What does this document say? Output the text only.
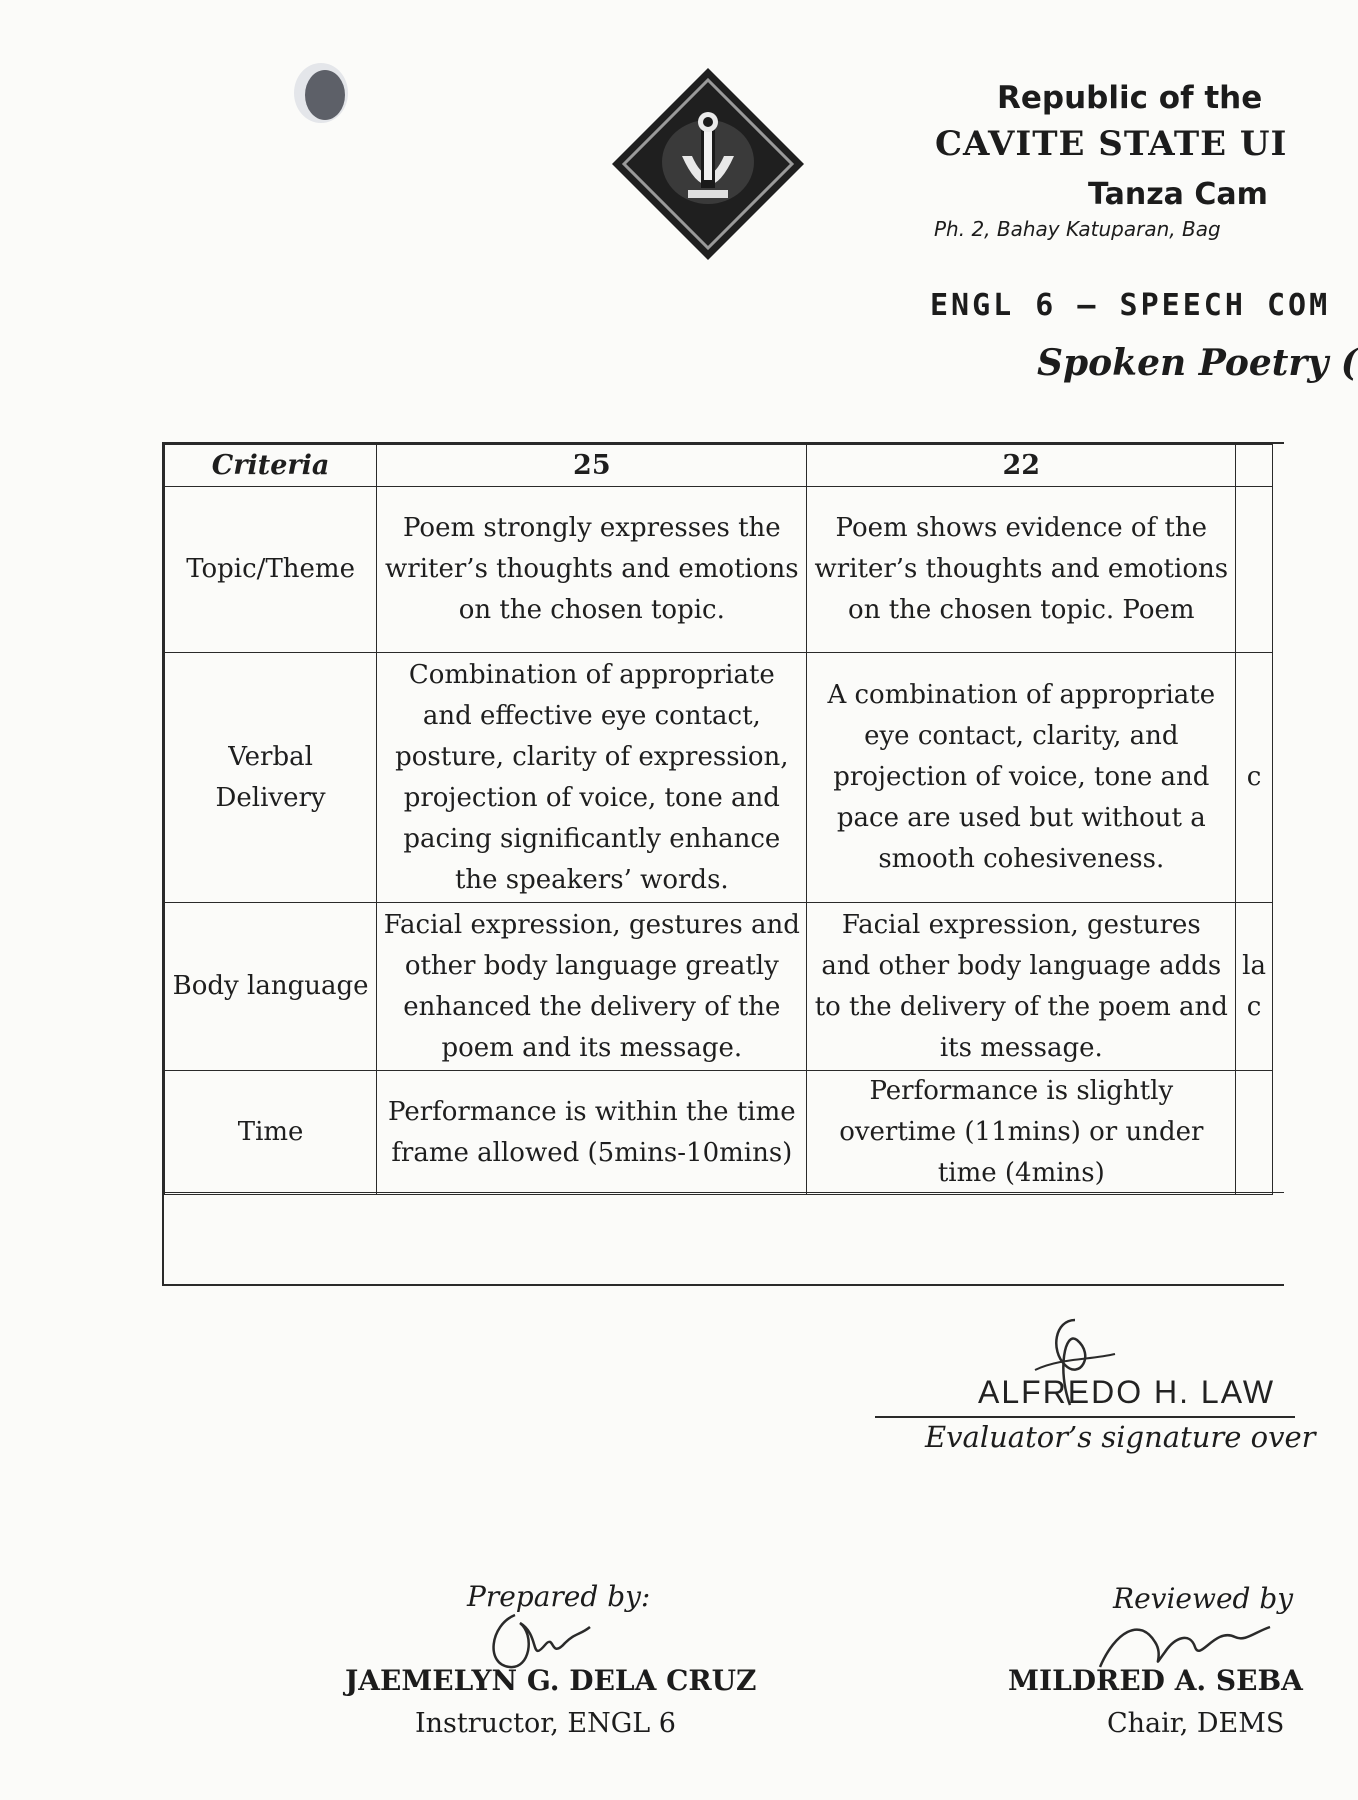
Republic of the
CAVITE STATE UI
Tanza Cam
Ph. 2, Bahay Katuparan, Bag
ENGL 6 – SPEECH COM
Spoken Poetry (
Criteria	25	22	
Topic/Theme	Poem strongly expresses the writer’s thoughts and emotions on the chosen topic.	Poem shows evidence of the writer’s thoughts and emotions on the chosen topic. Poem	
Verbal Delivery	Combination of appropriate and effective eye contact, posture, clarity of expression, projection of voice, tone and pacing significantly enhance the speakers’ words.	A combination of appropriate eye contact, clarity, and projection of voice, tone and pace are used but without a smooth cohesiveness.	c
Body language	Facial expression, gestures and other body language greatly enhanced the delivery of the poem and its message.	Facial expression, gestures and other body language adds to the delivery of the poem and its message.	la c
Time	Performance is within the time frame allowed (5mins-10mins)	Performance is slightly overtime (11mins) or under time (4mins)	
ALFREDO H. LAW
Evaluator’s signature over
Prepared by:
JAEMELYN G. DELA CRUZ
Instructor, ENGL 6
Reviewed by
MILDRED A. SEBA
Chair, DEMS
